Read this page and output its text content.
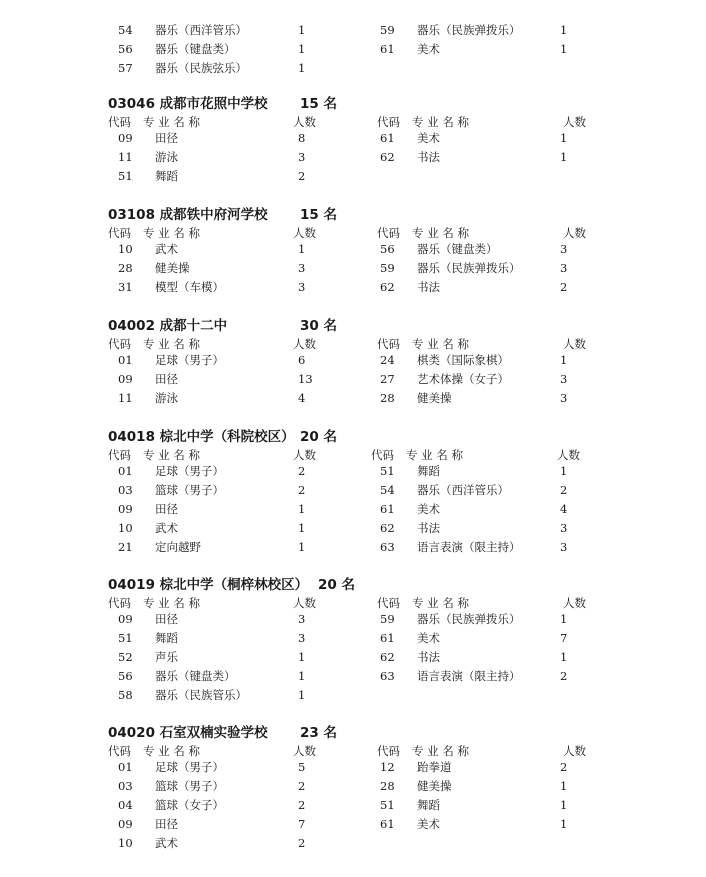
54 器乐（西洋管乐）	1	59 器乐（民族弹拨乐）	1
56 器乐（键盘类）	1	61 美术	1
57 器乐（民族弦乐）	1
03046 成都市花照中学校 15 名
代码 专 业 名 称	人数	代码 专 业 名 称	人数
09 田径	8	61 美术	1
11 游泳	3	62 书法	1
51 舞蹈	2
03108 成都铁中府河学校 15 名
代码 专 业 名 称	人数	代码 专 业 名 称	人数
10 武术	1	56 器乐（键盘类）	3
28 健美操	3	59 器乐（民族弹拨乐）	3
31 模型（车模）	3	62 书法	2
04002 成都十二中	30 名
代码 专 业 名 称	人数	代码 专 业 名 称	人数
01 足球（男子）	6	24 棋类（国际象棋）	1
09 田径	13	27 艺术体操（女子）	3
11 游泳	4	28 健美操	3
04018 棕北中学（科院校区） 20 名
代码 专 业 名 称	人数	代码 专 业 名 称	人数
01 足球（男子）	2	51 舞蹈	1
03 篮球（男子）	2	54 器乐（西洋管乐）	2
09 田径	1	61 美术	4
10 武术	1	62 书法	3
21 定向越野	1	63 语言表演（限主持）	3
04019 棕北中学（桐梓林校区） 20 名
代码 专 业 名 称	人数	代码 专 业 名 称	人数
09 田径	3	59 器乐（民族弹拨乐）	1
51 舞蹈	3	61 美术	7
52 声乐	1	62 书法	1
56 器乐（键盘类）	1	63 语言表演（限主持）	2
58 器乐（民族管乐）	1
04020 石室双楠实验学校 23 名
代码 专 业 名 称	人数	代码 专 业 名 称	人数
01 足球（男子）	5	12 跆拳道	2
03 篮球（男子）	2	28 健美操	1
04 篮球（女子）	2	51 舞蹈	1
09 田径	7	61 美术	1
10 武术	2
